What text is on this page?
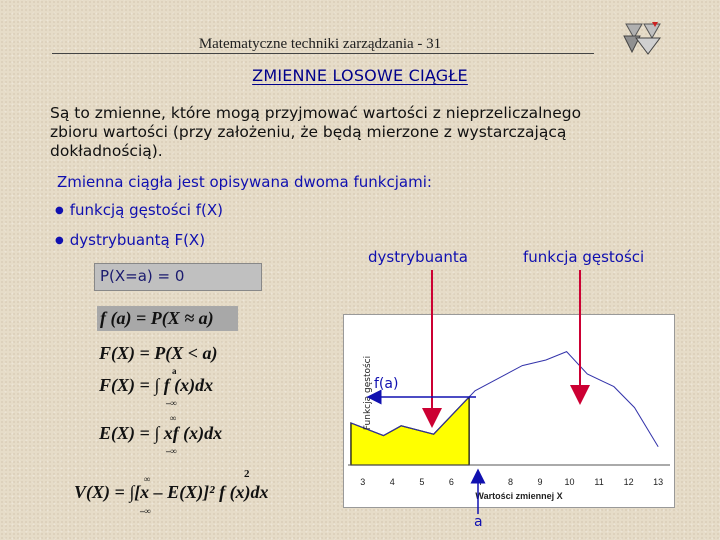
Matematyczne techniki zarządzania - 31
ZMIENNE LOSOWE CIĄGŁE
Są to zmienne, które mogą przyjmować wartości z nieprzeliczalnego
zbioru wartości (przy założeniu, że będą mierzone z wystarczającą
dokładnością).
Zmienna ciągła jest opisywana dwoma funkcjami:
● funkcją gęstości f(X)
● dystrybuantą F(X)
P(X=a) = 0
f (a) = P(X ≈ a)
F(X) = P(X < a)
F(X) = ∫ f (x)dx
a
–∞
E(X) = ∫ xf (x)dx
∞
–∞
V(X) = ∫[x – E(X)]² f (x)dx
∞
–∞
2
3	4	5	6	7	8	9 10 11 12 13
Wartości zmiennej X
Funkcja gęstości
dystrybuanta	funkcja gęstości
f(a)
a
